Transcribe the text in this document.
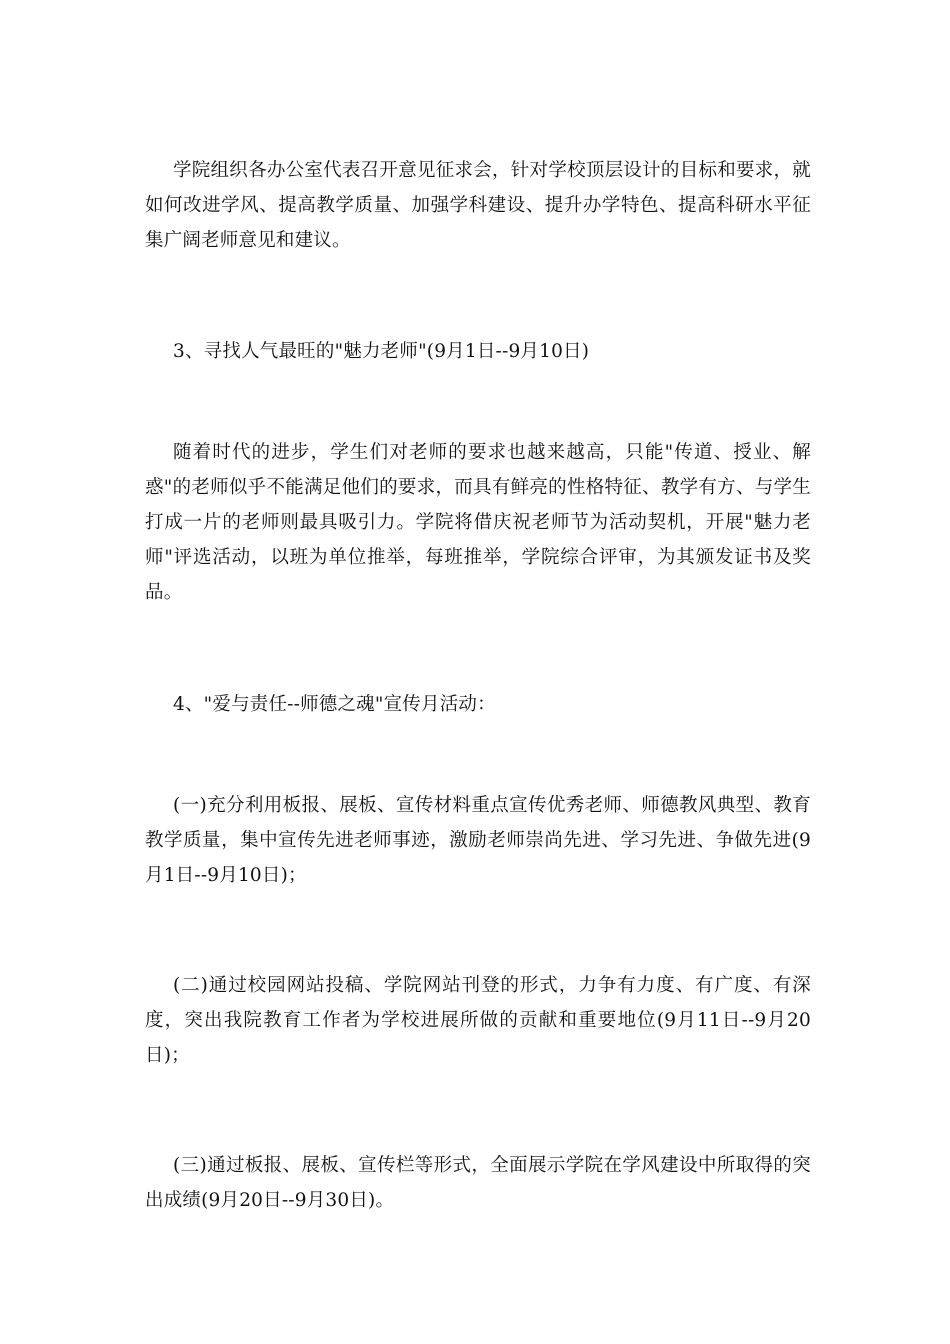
学院组织各办公室代表召开意见征求会，针对学校顶层设计的目标和要求，就如何改进学风、提高教学质量、加强学科建设、提升办学特色、提高科研水平征集广阔老师意见和建议。

3、寻找人气最旺的"魅力老师"(9月1日--9月10日)

随着时代的进步，学生们对老师的要求也越来越高，只能"传道、授业、解惑"的老师似乎不能满足他们的要求，而具有鲜亮的性格特征、教学有方、与学生打成一片的老师则最具吸引力。学院将借庆祝老师节为活动契机，开展"魅力老师"评选活动，以班为单位推举，每班推举，学院综合评审，为其颁发证书及奖品。

4、"爱与责任--师德之魂"宣传月活动：

(一)充分利用板报、展板、宣传材料重点宣传优秀老师、师德教风典型、教育教学质量，集中宣传先进老师事迹，激励老师崇尚先进、学习先进、争做先进(9月1日--9月10日)；

(二)通过校园网站投稿、学院网站刊登的形式，力争有力度、有广度、有深度，突出我院教育工作者为学校进展所做的贡献和重要地位(9月11日--9月20日)；

(三)通过板报、展板、宣传栏等形式，全面展示学院在学风建设中所取得的突出成绩(9月20日--9月30日)。
